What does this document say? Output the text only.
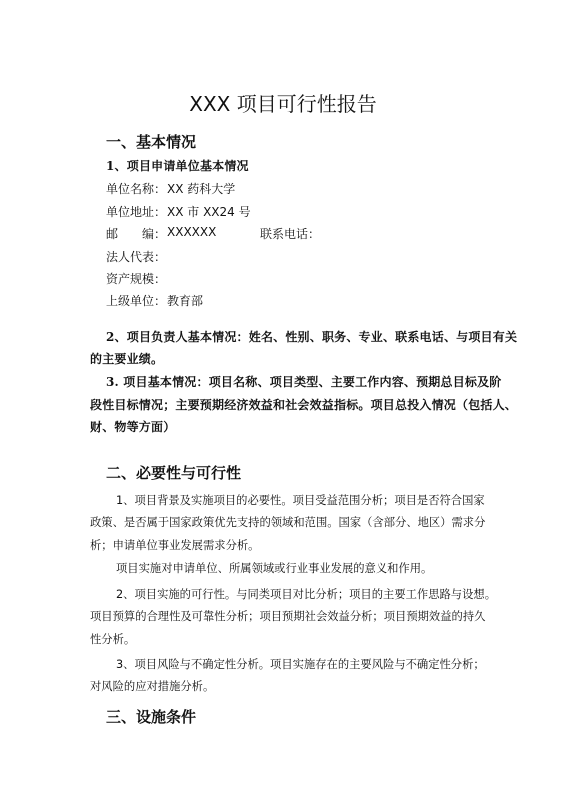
XXX 项目可行性报告
一、基本情况
1、项目申请单位基本情况
单位名称： XX 药科大学
单位地址： XX 市 XX24 号
邮　　编： XXXXXX	联系电话：
法人代表：
资产规模：
上级单位： 教育部
2、项目负责人基本情况：姓名、性别、职务、专业、联系电话、与项目有关
的主要业绩。
3. 项目基本情况：项目名称、项目类型、主要工作内容、预期总目标及阶
段性目标情况；主要预期经济效益和社会效益指标。项目总投入情况（包括人、
财、物等方面）
二、必要性与可行性
1、项目背景及实施项目的必要性。项目受益范围分析；项目是否符合国家
政策、是否属于国家政策优先支持的领域和范围。国家（含部分、地区）需求分
析；申请单位事业发展需求分析。
项目实施对申请单位、所属领域或行业事业发展的意义和作用。
2、项目实施的可行性。与同类项目对比分析；项目的主要工作思路与设想。
项目预算的合理性及可靠性分析；项目预期社会效益分析；项目预期效益的持久
性分析。
3、项目风险与不确定性分析。项目实施存在的主要风险与不确定性分析；
对风险的应对措施分析。
三、设施条件
